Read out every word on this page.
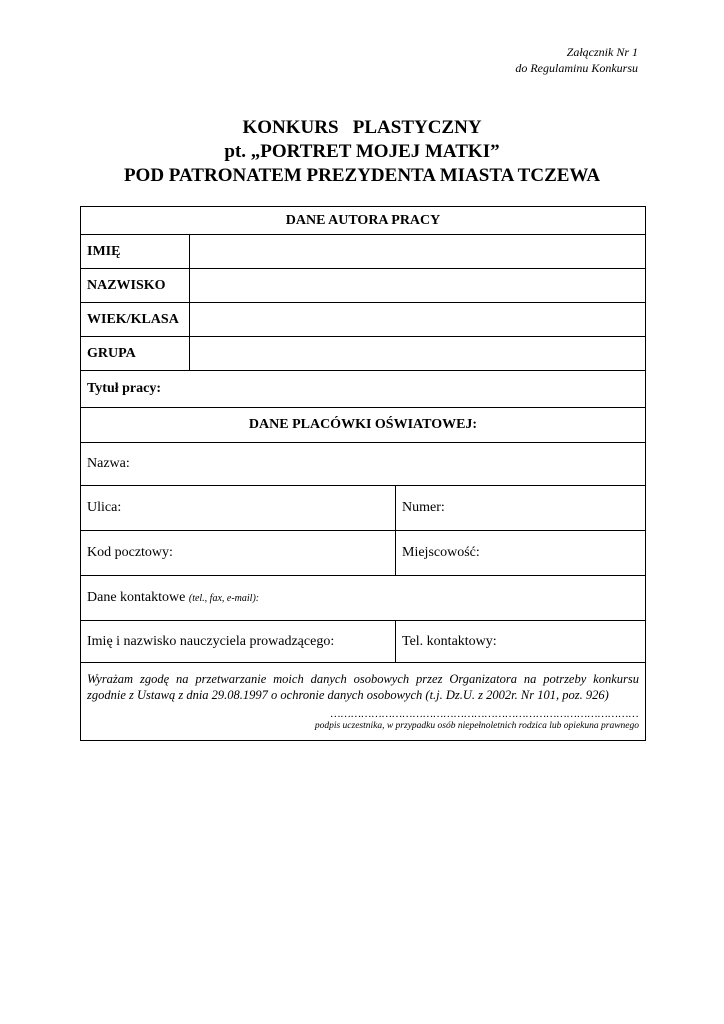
Załącznik Nr 1
do Regulaminu Konkursu
KONKURS   PLASTYCZNY
pt. „PORTRET MOJEJ MATKI”
POD PATRONATEM PREZYDENTA MIASTA TCZEWA
DANE AUTORA PRACY		
IMIĘ		
NAZWISKO		
WIEK/KLASA		
GRUPA		
Tytuł pracy:		
DANE PLACÓWKI OŚWIATOWEJ:		
Nazwa:		
Ulica:		Numer:
Kod pocztowy:		Miejscowość:
Dane kontaktowe (tel., fax, e-mail):		
Imię i nazwisko nauczyciela prowadzącego:		Tel. kontaktowy:

Wyrażam zgodę na przetwarzanie moich danych osobowych przez Organizatora na potrzeby konkursu zgodnie z Ustawą z dnia 29.08.1997 o ochronie danych osobowych (t.j. Dz.U. z 2002r. Nr 101, poz. 926)
………………………………………………………………………………
podpis uczestnika, w przypadku osób niepełnoletnich rodzica lub opiekuna prawnego		
